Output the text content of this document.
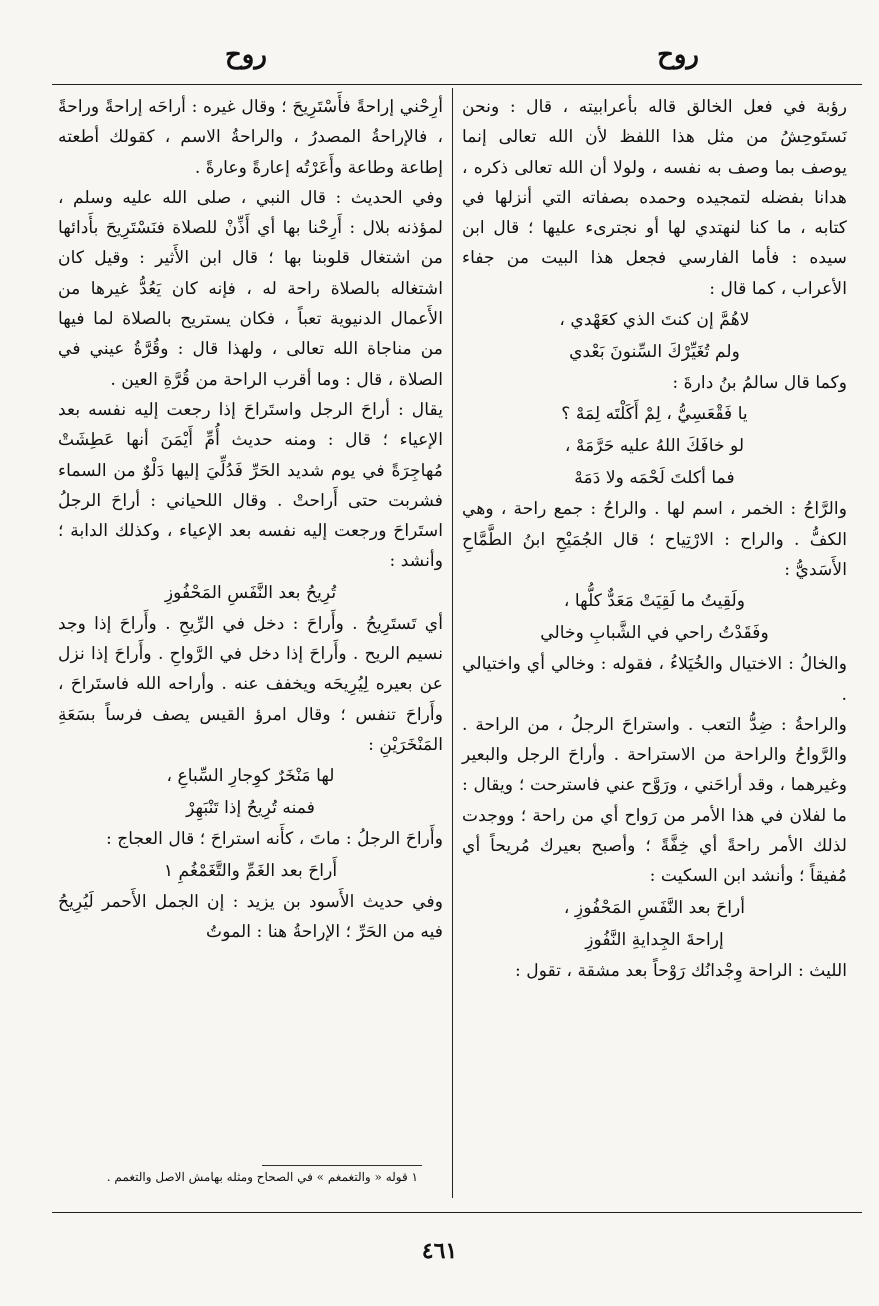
روح
روح

رؤبة في فعل الخالق قاله بأعرابيته ، قال : ونحن نَستَوحِشُ من مثل هذا اللفظ لأن الله تعالى إنما يوصف بما وصف به نفسه ، ولولا أن الله تعالى ذكره ، هدانا بفضله لتمجيده وحمده بصفاته التي أنزلها في كتابه ، ما كنا لنهتدي لها أو نجترىء عليها ؛ قال ابن سيده : فأما الفارسي فجعل هذا البيت من جفاء الأعراب ، كما قال :

لاهُمَّ إن كنتَ الذي كعَهْدي ،

ولم تُغَيِّرْكَ السِّنونَ بَعْدي

وكما قال سالمُ بنُ دارةَ :

يا فَقْعَسِيُّ ، لِمْ أَكَلْتَه لِمَهْ ؟

لو خافَكَ اللهُ عليه حَرَّمَهْ ،

فما أكلتَ لَحْمَه ولا دَمَهْ

والرَّاحُ : الخمر ، اسم لها . والراحُ : جمع راحة ، وهي الكفُّ . والراح : الارْتِياح ؛ قال الجُمَيْحِ ابنُ الطَّمَّاحِ الأَسَديُّ :

ولَقِيتُ ما لَقِيَتْ مَعَدٌّ كلُّها ،

وفَقَدْتُ راحي في الشَّبابِ وخالي

والخالُ : الاختيال والخُيَلاءُ ، فقوله : وخالي أي واختيالي .

والراحةُ : ضِدُّ التعب . واستراحَ الرجلُ ، من الراحة . والرَّواحُ والراحة من الاستراحة . وأراحَ الرجل والبعير وغيرهما ، وقد أراحَني ، ورَوَّح عني فاسترحت ؛ ويقال : ما لفلان في هذا الأمر من رَواح أي من راحة ؛ ووجدت لذلك الأمر راحةً أي خِفَّةً ؛ وأصبح بعيرك مُريحاً أي مُفيقاً ؛ وأنشد ابن السكيت :

أراحَ بعد النَّفَسِ المَحْفُوزِ ،

إراحةَ الجِدايةِ النَّفُوزِ

الليث : الراحة وِجْدانُك رَوْحاً بعد مشقة ، تقول :

أرِحْني إراحةً فأَسْتَرِيحَ ؛ وقال غيره : أراحَه إراحةً وراحةً ، فالإراحةُ المصدرُ ، والراحةُ الاسم ، كقولك أطعته إطاعة وطاعة وأَعَرْتُه إعارةً وعارةً .

وفي الحديث : قال النبي ، صلى الله عليه وسلم ، لمؤذنه بلال : أَرِحْنا بها أي أَذِّنْ للصلاة فنَسْتَرِيحَ بأَدائها من اشتغال قلوبنا بها ؛ قال ابن الأَثير : وقيل كان اشتغاله بالصلاة راحة له ، فإنه كان يَعُدُّ غيرها من الأَعمال الدنيوية تعباً ، فكان يستريح بالصلاة لما فيها من مناجاة الله تعالى ، ولهذا قال : وقُرَّةُ عيني في الصلاة ، قال : وما أقرب الراحة من قُرَّةِ العين .

يقال : أراحَ الرجل واستَراحَ إذا رجعت إليه نفسه بعد الإعياء ؛ قال : ومنه حديث أُمِّ أَيْمَنَ أنها عَطِشَتْ مُهاجِرَةً في يوم شديد الحَرِّ فَدُلِّيَ إليها دَلْوٌ من السماء فشربت حتى أَراحتْ . وقال اللحياني : أراحَ الرجلُ استَراحَ ورجعت إليه نفسه بعد الإعياء ، وكذلك الدابة ؛ وأنشد :

تُرِيحُ بعد النَّفَسِ المَحْفُوزِ

أي تَستَرِيحُ . وأَراحَ : دخل في الرِّيحِ . وأَراحَ إذا وجد نسيم الريح . وأَراحَ إذا دخل في الرَّواحِ . وأَراحَ إذا نزل عن بعيره لِيُرِيحَه ويخفف عنه . وأراحه الله فاستَراحَ ، وأَراحَ تنفس ؛ وقال امرؤ القيس يصف فرساً بسَعَةِ المَنْخَرَيْنِ :

لها مَنْخَرٌ كوِجارِ السِّباعِ ،

فمنه تُرِيحُ إذا تَنْبَهِرْ

وأَراحَ الرجلُ : ماتَ ، كأَنه استراحَ ؛ قال العجاج :

أَراحَ بعد الغَمِّ والتَّغَمْغُمِ ١

وفي حديث الأَسود بن يزيد : إن الجمل الأَحمر لَيُرِيحُ فيه من الحَرِّ ؛ الإراحةُ هنا : الموتُ

١ قوله « والتغمغم » في الصحاح ومثله بهامش الاصل والتغمم .
٤٦١
